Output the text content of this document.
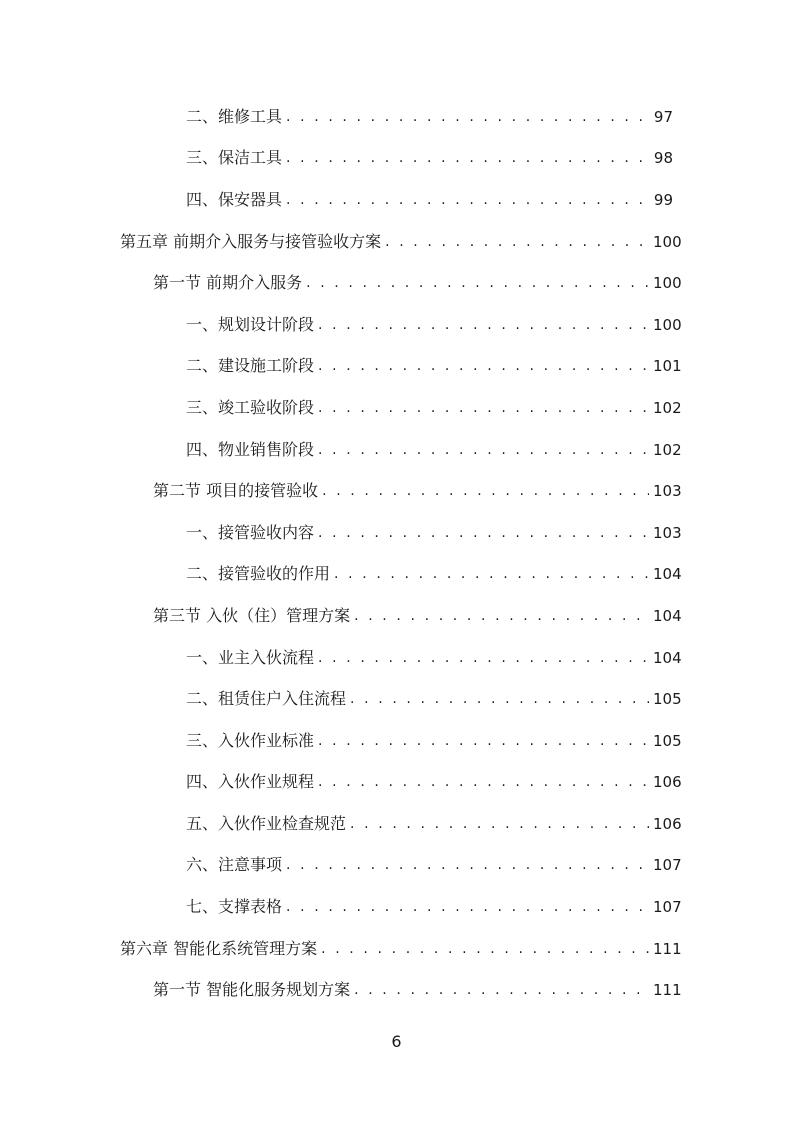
二、维修工具 . . .	97
三、保洁工具 . . .	98
四、保安器具 . . .	99
第五章 前期介入服务与接管验收方案 . . .	100
第一节 前期介入服务 . . .	100
一、规划设计阶段 . . .	100
二、建设施工阶段 . . .	101
三、竣工验收阶段 . . .	102
四、物业销售阶段 . . .	102
第二节 项目的接管验收 . . .	103
一、接管验收内容 . . .	103
二、接管验收的作用 . . .	104
第三节 入伙（住）管理方案 . . .	104
一、业主入伙流程 . . .	104
二、租赁住户入住流程 . . .	105
三、入伙作业标准 . . .	105
四、入伙作业规程 . . .	106
五、入伙作业检查规范 . . .	106
六、注意事项 . . .	107
七、支撑表格 . . .	107
第六章 智能化系统管理方案 . . .	111
第一节 智能化服务规划方案 . . .	111
6
